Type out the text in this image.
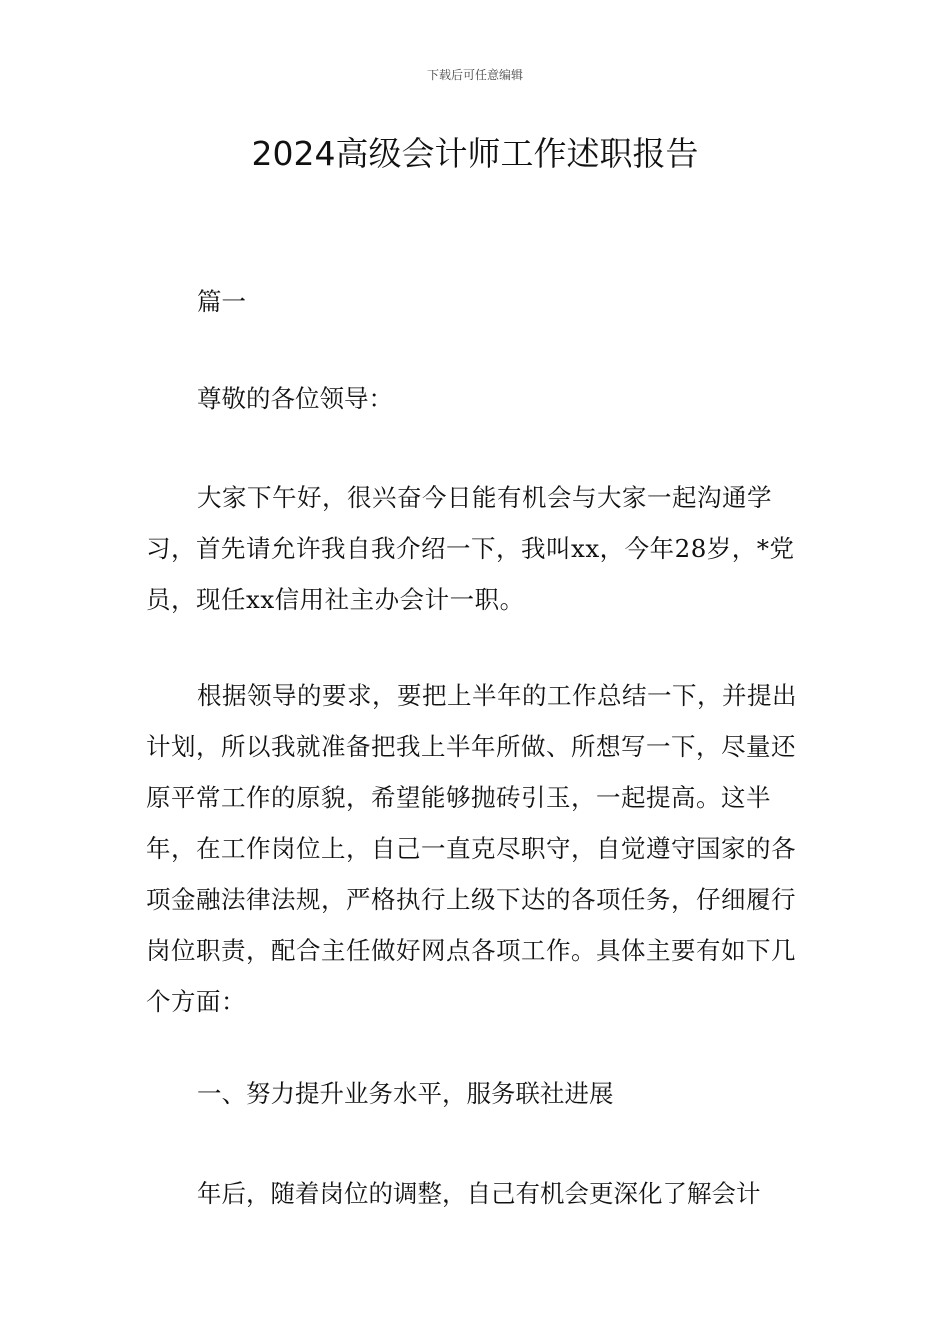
下载后可任意编辑
2024高级会计师工作述职报告
篇一
尊敬的各位领导：

大家下午好，很兴奋今日能有机会与大家一起沟通学习，首先请允许我自我介绍一下，我叫xx，今年28岁，*党员，现任xx信用社主办会计一职。

根据领导的要求，要把上半年的工作总结一下，并提出计划，所以我就准备把我上半年所做、所想写一下，尽量还原平常工作的原貌，希望能够抛砖引玉，一起提高。这半年，在工作岗位上，自己一直克尽职守，自觉遵守国家的各项金融法律法规，严格执行上级下达的各项任务，仔细履行岗位职责，配合主任做好网点各项工作。具体主要有如下几个方面：

一、努力提升业务水平，服务联社进展
年后，随着岗位的调整，自己有机会更深化了解会计
